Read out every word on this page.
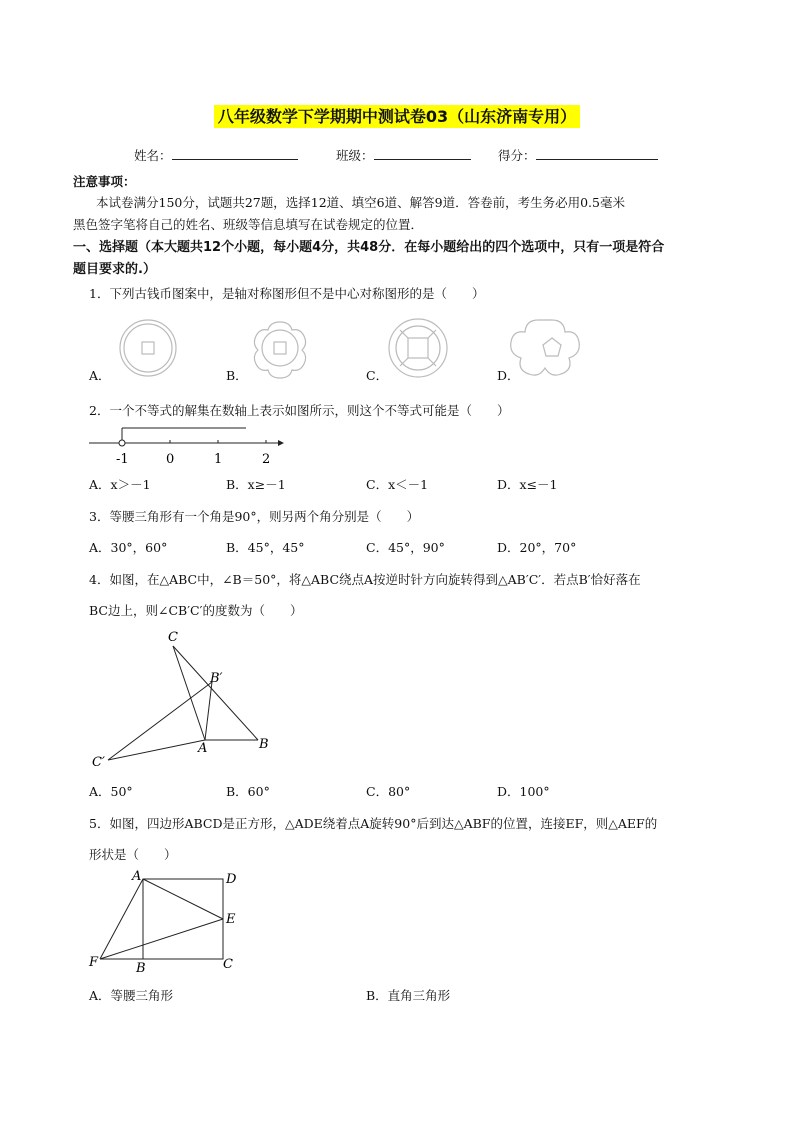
八年级数学下学期期中测试卷03（山东济南专用）
姓名：	班级：	得分：
注意事项：
本试卷满分150分，试题共27题，选择12道、填空6道、解答9道．答卷前，考生务必用0.5毫米
黑色签字笔将自己的姓名、班级等信息填写在试卷规定的位置．
一、选择题（本大题共12个小题，每小题4分，共48分．在每小题给出的四个选项中，只有一项是符合
题目要求的.）
1．下列古钱币图案中，是轴对称图形但不是中心对称图形的是（　　）
A．	B．	C．	D．
2．一个不等式的解集在数轴上表示如图所示，则这个不等式可能是（　　）
-1	0	1	2
A．x＞－1	B．x≥－1	C．x＜－1	D．x≤－1
3．等腰三角形有一个角是90°，则另两个角分别是（　　）
A．30°，60°	B．45°，45°	C．45°，90°	D．20°，70°
4．如图，在△ABC中，∠B＝50°，将△ABC绕点A按逆时针方向旋转得到△AB′C′．若点B′恰好落在
BC边上，则∠CB′C′的度数为（　　）
C
B′
A	B
C′
A．50°	B．60°	C．80°	D．100°
5．如图，四边形ABCD是正方形，△ADE绕着点A旋转90°后到达△ABF的位置，连接EF，则△AEF的
形状是（　　）
A	D
E
F	B	C
A．等腰三角形	B．直角三角形
